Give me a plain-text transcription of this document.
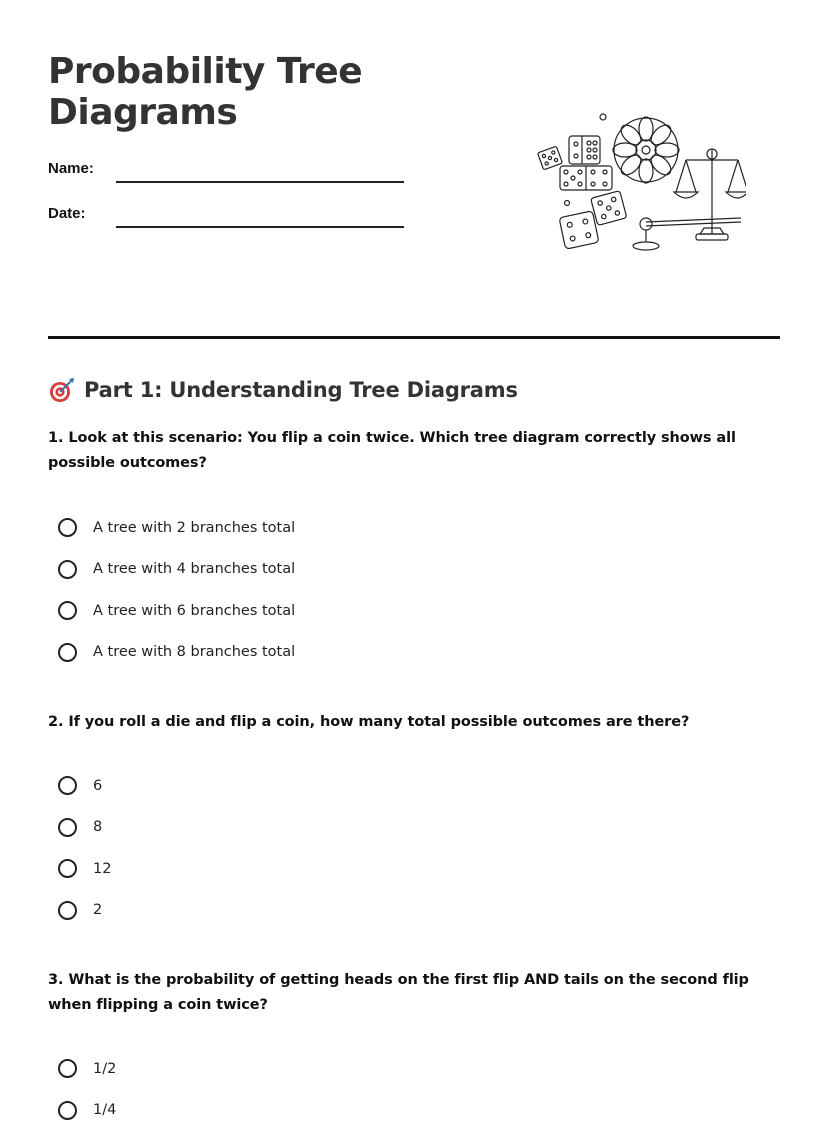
Probability Tree Diagrams
Name:
Date:
Part 1: Understanding Tree Diagrams

1. Look at this scenario: You flip a coin twice. Which tree diagram correctly shows all possible outcomes?

A tree with 2 branches total
A tree with 4 branches total
A tree with 6 branches total
A tree with 8 branches total

2. If you roll a die and flip a coin, how many total possible outcomes are there?

6
8
12
2

3. What is the probability of getting heads on the first flip AND tails on the second flip when flipping a coin twice?

1/2
1/4
